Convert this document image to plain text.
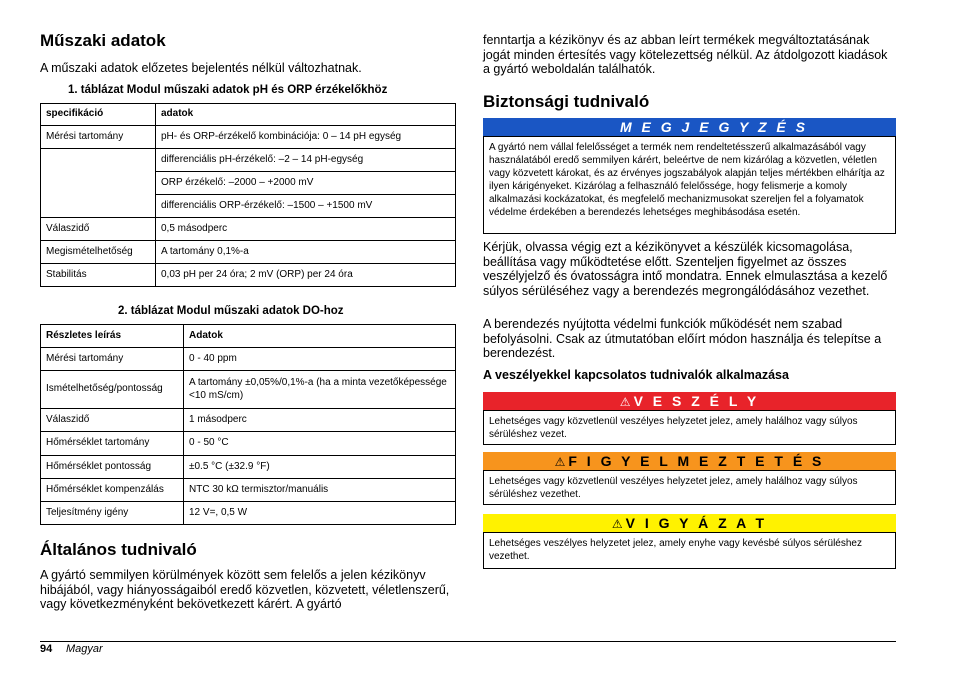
Műszaki adatok
A műszaki adatok előzetes bejelentés nélkül változhatnak.
1. táblázat Modul műszaki adatok pH és ORP érzékelőkhöz
specifikáció	adatok
Mérési tartomány	pH- és ORP-érzékelő kombinációja: 0 – 14 pH egység
	differenciális pH-érzékelő: –2 – 14 pH-egység
	ORP érzékelő: –2000 – +2000 mV
	differenciális ORP-érzékelő: –1500 – +1500 mV
Válaszidő	0,5 másodperc
Megismételhetőség	A tartomány 0,1%-a
Stabilitás	0,03 pH per 24 óra; 2 mV (ORP) per 24 óra
2. táblázat Modul műszaki adatok DO-hoz
Részletes leírás	Adatok
Mérési tartomány	0 - 40 ppm
Ismételhetőség/pontosság	A tartomány ±0,05%/0,1%-a (ha a minta vezetőképessége <10 mS/cm)
Válaszidő	1 másodperc
Hőmérséklet tartomány	0 - 50 °C
Hőmérséklet pontosság	±0.5 °C (±32.9 °F)
Hőmérséklet kompenzálás	NTC 30 kΩ termisztor/manuális
Teljesítmény igény	12 V=, 0,5 W
Általános tudnivaló
A gyártó semmilyen körülmények között sem felelős a jelen kézikönyv hibájából, vagy hiányosságaiból eredő közvetlen, közvetett, véletlenszerű, vagy következményként bekövetkezett kárért. A gyártó
fenntartja a kézikönyv és az abban leírt termékek megváltoztatásának jogát minden értesítés vagy kötelezettség nélkül. Az átdolgozott kiadások a gyártó weboldalán találhatók.
Biztonsági tudnivaló
M E G J E G Y Z É S
A gyártó nem vállal felelősséget a termék nem rendeltetésszerű alkalmazásából vagy használatából eredő semmilyen kárért, beleértve de nem kizárólag a közvetlen, véletlen vagy közvetett károkat, és az érvényes jogszabályok alapján teljes mértékben elhárítja az ilyen kárigényeket. Kizárólag a felhasználó felelőssége, hogy felismerje a komoly alkalmazási kockázatokat, és megfelelő mechanizmusokat szereljen fel a folyamatok védelme érdekében a berendezés lehetséges meghibásodása esetén.
Kérjük, olvassa végig ezt a kézikönyvet a készülék kicsomagolása, beállítása vagy működtetése előtt. Szenteljen figyelmet az összes veszélyjelző és óvatosságra intő mondatra. Ennek elmulasztása a kezelő súlyos sérüléséhez vagy a berendezés megrongálódásához vezethet.
A berendezés nyújtotta védelmi funkciók működését nem szabad befolyásolni. Csak az útmutatóban előírt módon használja és telepítse a berendezést.
A veszélyekkel kapcsolatos tudnivalók alkalmazása
⚠ V E S Z É L Y
Lehetséges vagy közvetlenül veszélyes helyzetet jelez, amely halálhoz vagy súlyos sérüléshez vezet.
⚠ F I G Y E L M E Z T E T É S
Lehetséges vagy közvetlenül veszélyes helyzetet jelez, amely halálhoz vagy súlyos sérüléshez vezethet.
⚠ V I G Y Á Z A T
Lehetséges veszélyes helyzetet jelez, amely enyhe vagy kevésbé súlyos sérüléshez vezethet.
94 Magyar
